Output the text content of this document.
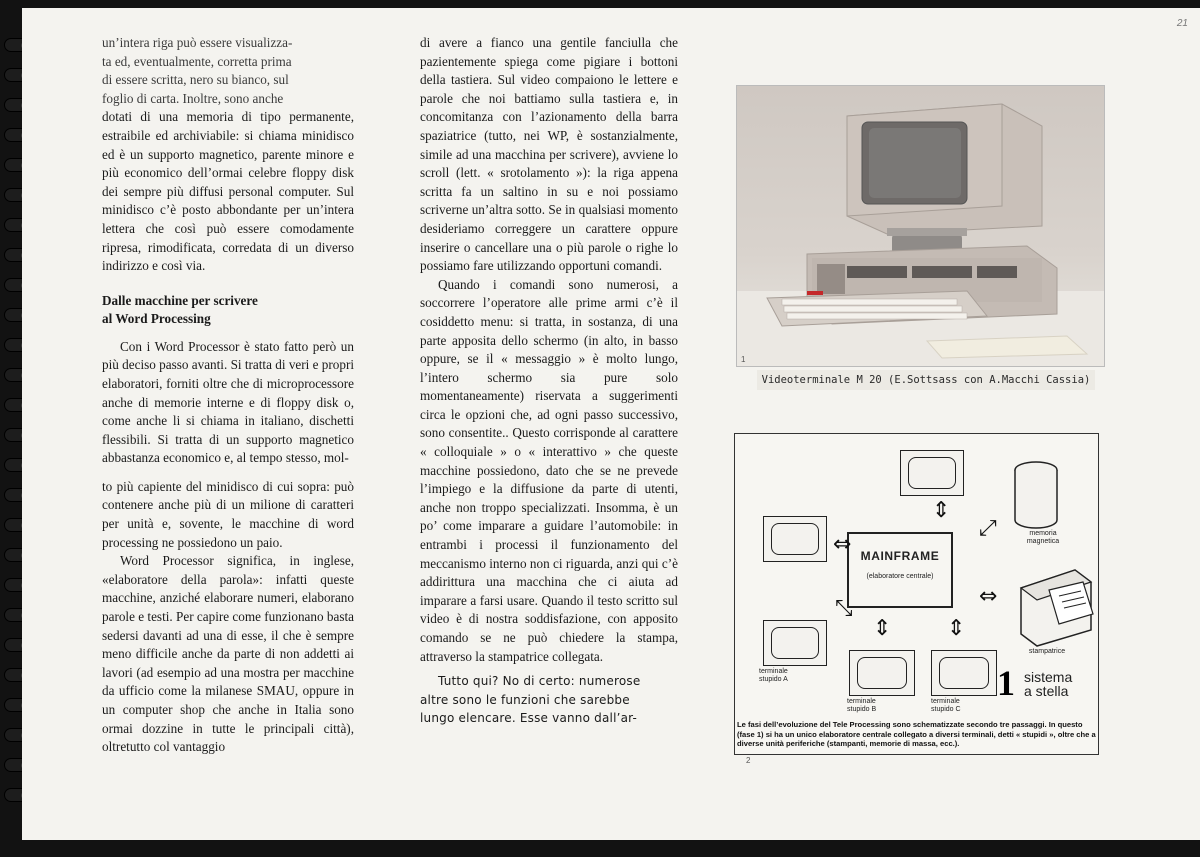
21

un’intera riga può essere visualizza-

ta ed, eventualmente, corretta prima

di essere scritta, nero su bianco, sul

foglio di carta. Inoltre, sono anche

dotati di una memoria di tipo permanente, estraibile ed archiviabile: si chiama minidisco ed è un supporto magnetico, parente minore e più economico dell’ormai celebre floppy disk dei sempre più diffusi personal computer. Sul minidisco c’è posto abbondante per un’intera lettera che così può essere comodamente ripresa, rimodificata, corredata di un diverso indirizzo e così via.

Dalle macchine per scrivere
al Word Processing

Con i Word Processor è stato fatto però un più deciso passo avanti. Si tratta di veri e propri elaboratori, forniti oltre che di microprocessore anche di memorie interne e di floppy disk o, come anche li si chiama in italiano, dischetti flessibili. Si tratta di un supporto magnetico abbastanza economico e, al tempo stesso, mol-

to più capiente del minidisco di cui sopra: può contenere anche più di un milione di caratteri per unità e, sovente, le macchine di word processing ne possiedono un paio.

Word Processor significa, in inglese, «elaboratore della parola»: infatti queste macchine, anziché elaborare numeri, elaborano parole e testi. Per capire come funzionano basta sedersi davanti ad una di esse, il che è sempre meno difficile anche da parte di non addetti ai lavori (ad esempio ad una mostra per macchine da ufficio come la milanese SMAU, oppure in un computer shop che anche in Italia sono ormai dozzine in tutte le principali città), oltretutto col vantaggio

di avere a fianco una gentile fanciulla che pazientemente spiega come pigiare i bottoni della tastiera. Sul video compaiono le lettere e parole che noi battiamo sulla tastiera e, in concomitanza con l’azionamento della barra spaziatrice (tutto, nei WP, è sostanzialmente, simile ad una macchina per scrivere), avviene lo scroll (lett. « srotolamento »): la riga appena scritta fa un saltino in su e noi possiamo scriverne un’altra sotto. Se in qualsiasi momento desideriamo correggere un carattere oppure inserire o cancellare una o più parole o righe lo possiamo fare utilizzando opportuni comandi.

Quando i comandi sono numerosi, a soccorrere l’operatore alle prime armi c’è il cosiddetto menu: si tratta, in sostanza, di una parte apposita dello schermo (in alto, in basso oppure, se il « messaggio » è molto lungo, l’intero schermo sia pure solo momentaneamente) riservata a suggerimenti circa le opzioni che, ad ogni passo successivo, sono consentite.. Questo corrisponde al carattere « colloquiale » o « interattivo » che queste macchine possiedono, dato che se ne prevede l’impiego e la diffusione da parte di utenti, anche non troppo specializzati. Insomma, è un po’ come imparare a guidare l’automobile: in entrambi i processi il funzionamento del meccanismo interno non ci riguarda, anzi qui c’è addirittura una macchina che ci aiuta ad imparare a farsi usare. Quando il testo scritto sul video è di nostra soddisfazione, con apposito comando se ne può chiedere la stampa, attraverso la stampatrice collegata.

Tutto qui? No di certo: numerose

altre sono le funzioni che sarebbe

lungo elencare. Esse vanno dall’ar-

1
Videoterminale M 20 (E.Sottsass con A.Macchi Cassia)
MAINFRAME
(elaboratore centrale)
memoria magnetica
stampatrice
⇕
⇔
⤢
⇔
⤡
⇕	⇕
terminale stupido A
terminale stupido B
terminale stupido C
1 sistema
a stella
Le fasi dell’evoluzione del Tele Processing sono schematizzate secondo tre passaggi. In questo (fase 1) si ha un unico elaboratore centrale collegato a diversi terminali, detti « stupidi », oltre che a diverse unità periferiche (stampanti, memorie di massa, ecc.).
2
